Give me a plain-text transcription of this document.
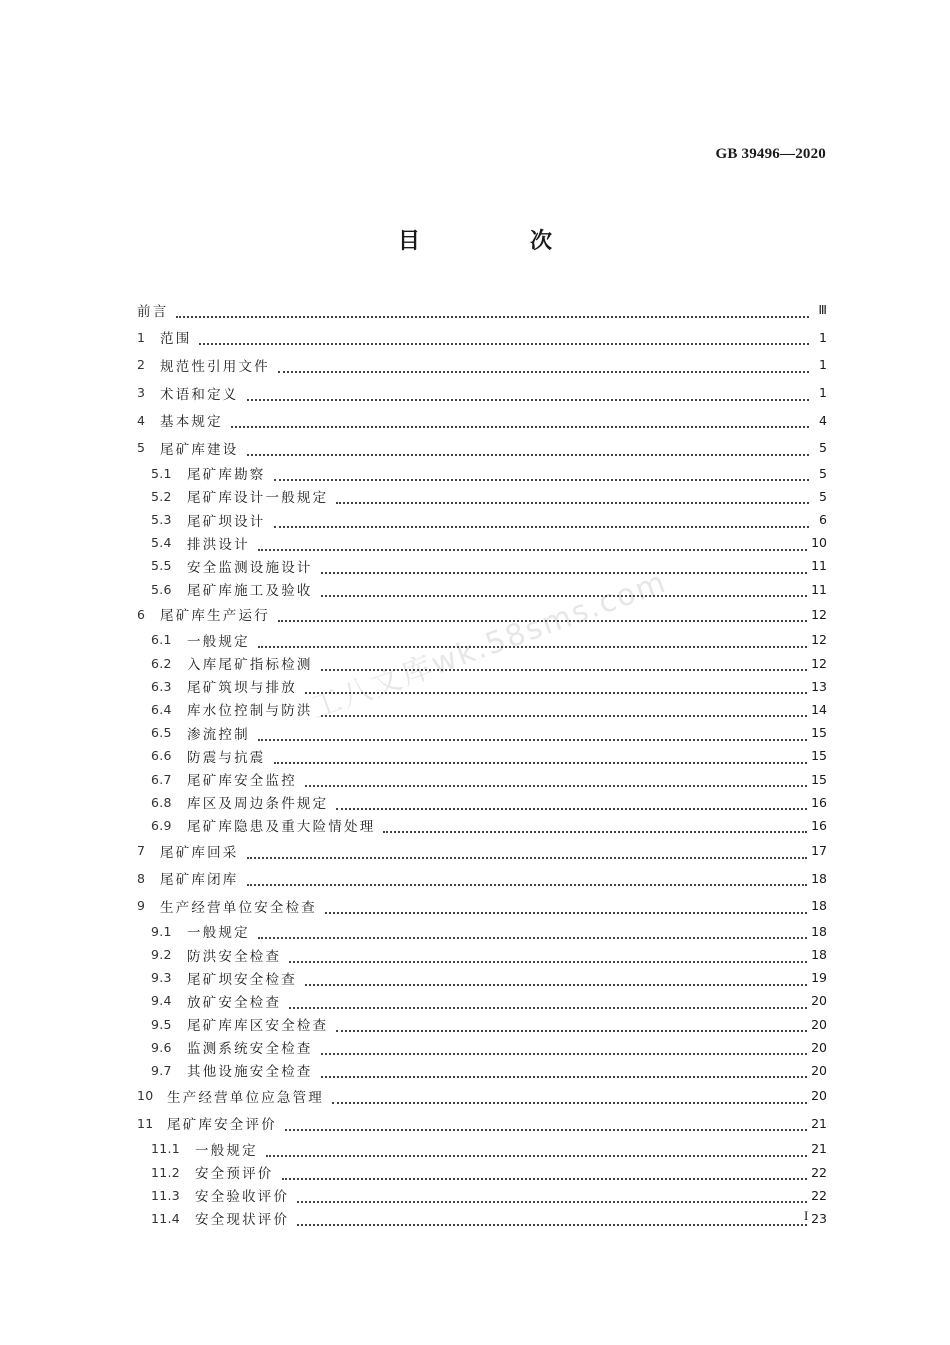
GB 39496—2020
目　次
工八文库wk.58sms.com
前言	Ⅲ
1	范围	1
2	规范性引用文件	1
3	术语和定义	1
4	基本规定	4
5	尾矿库建设	5
5.1	尾矿库勘察	5
5.2	尾矿库设计一般规定	5
5.3	尾矿坝设计	6
5.4	排洪设计	10
5.5	安全监测设施设计	11
5.6	尾矿库施工及验收	11
6	尾矿库生产运行	12
6.1	一般规定	12
6.2	入库尾矿指标检测	12
6.3	尾矿筑坝与排放	13
6.4	库水位控制与防洪	14
6.5	渗流控制	15
6.6	防震与抗震	15
6.7	尾矿库安全监控	15
6.8	库区及周边条件规定	16
6.9	尾矿库隐患及重大险情处理	16
7	尾矿库回采	17
8	尾矿库闭库	18
9	生产经营单位安全检查	18
9.1	一般规定	18
9.2	防洪安全检查	18
9.3	尾矿坝安全检查	19
9.4	放矿安全检查	20
9.5	尾矿库库区安全检查	20
9.6	监测系统安全检查	20
9.7	其他设施安全检查	20
10 生产经营单位应急管理	20
11 尾矿库安全评价	21
11.1	一般规定	21
11.2	安全预评价	22
11.3	安全验收评价	22
11.4	安全现状评价	23
I
